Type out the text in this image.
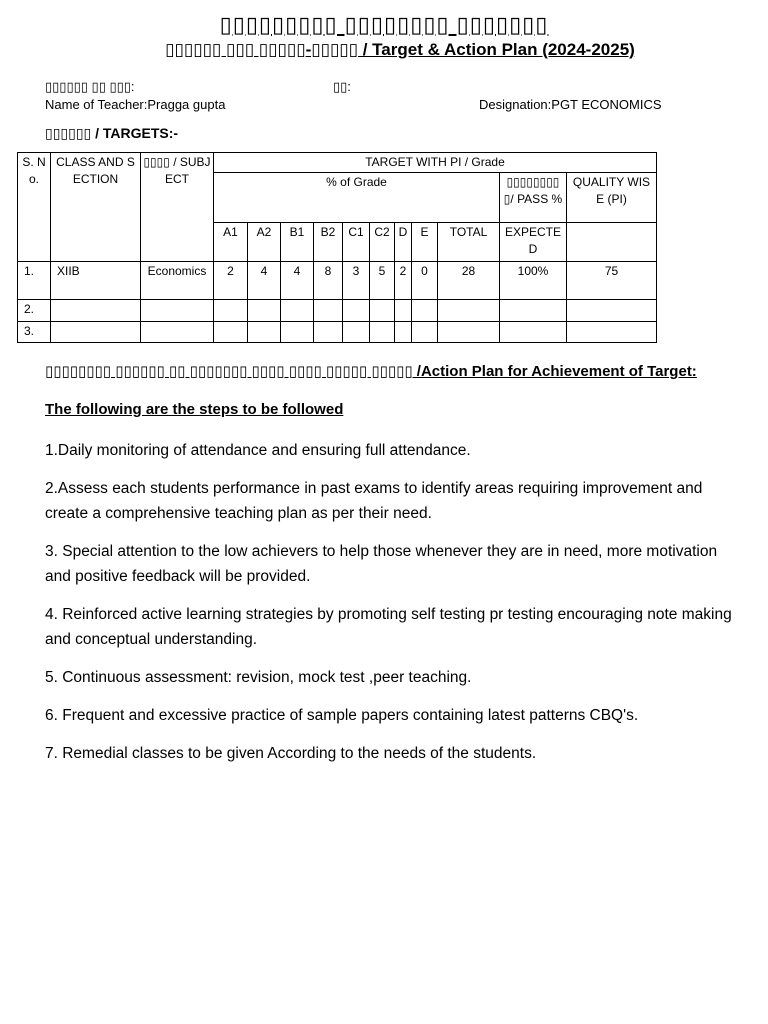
▯▯▯▯▯▯▯▯▯ ▯▯▯▯▯▯▯▯ ▯▯▯▯▯▯▯
▯▯▯▯▯▯ ▯▯▯ ▯▯▯▯▯-▯▯▯▯▯ / Target & Action Plan (2024-2025)
▯▯▯▯▯▯ ▯▯ ▯▯▯:	▯▯:
Name of Teacher:Pragga gupta	Designation:PGT ECONOMICS
▯▯▯▯▯▯ / TARGETS:-
S. No.	CLASS AND SECTION	▯▯▯▯ / SUBJECT	TARGET WITH PI / Grade										
			% of Grade									▯▯▯▯▯▯▯▯▯/ PASS %	QUALITY WISE (PI)
			A1	A2	B1	B2	C1	C2	D	E	TOTAL	EXPECTED	
1.	XIIB	Economics	2	4	4	8	3	5	2	0	28	100%	75
2.													
3.													
▯▯▯▯▯▯▯▯ ▯▯▯▯▯▯ ▯▯ ▯▯▯▯▯▯▯ ▯▯▯▯ ▯▯▯▯ ▯▯▯▯▯ ▯▯▯▯▯ /Action Plan for Achievement of Target:
The following are the steps to be followed

1.Daily monitoring of attendance and ensuring full attendance.

2.Assess each students performance in past exams to identify areas requiring improvement and create a comprehensive teaching plan as per their need.

3. Special attention to the low achievers to help those whenever they are in need, more motivation and positive feedback will be provided.

4. Reinforced active learning strategies by promoting self testing pr testing encouraging note making and conceptual understanding.

5. Continuous assessment: revision, mock test ,peer teaching.

6. Frequent and excessive practice of sample papers containing latest patterns CBQ's.

7. Remedial classes to be given According to the needs of the students.
